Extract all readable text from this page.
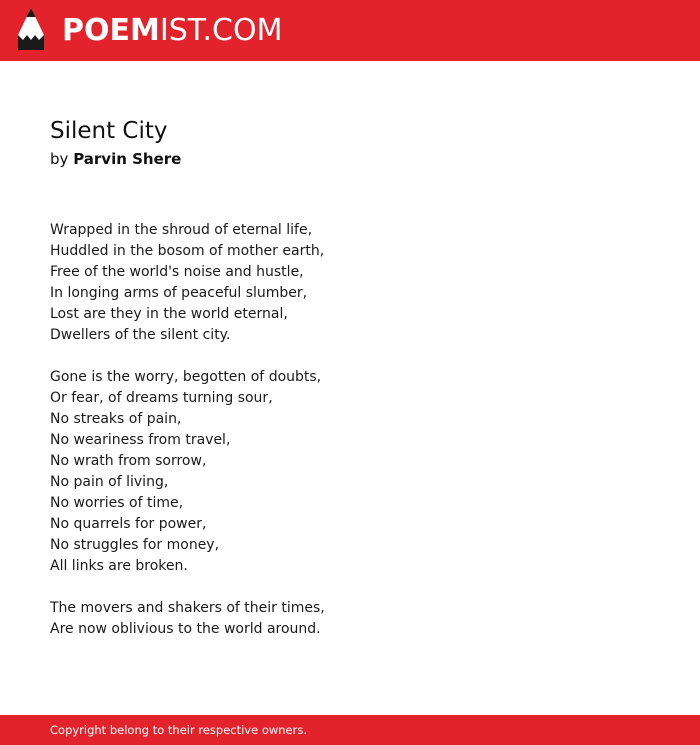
POEMIST.COM
Silent City
by Parvin Shere
Wrapped in the shroud of eternal life,
Huddled in the bosom of mother earth,
Free of the world's noise and hustle,
In longing arms of peaceful slumber,
Lost are they in the world eternal,
Dwellers of the silent city.
Gone is the worry, begotten of doubts,
Or fear, of dreams turning sour,
No streaks of pain,
No weariness from travel,
No wrath from sorrow,
No pain of living,
No worries of time,
No quarrels for power,
No struggles for money,
All links are broken.
The movers and shakers of their times,
Are now oblivious to the world around.
Copyright belong to their respective owners.
